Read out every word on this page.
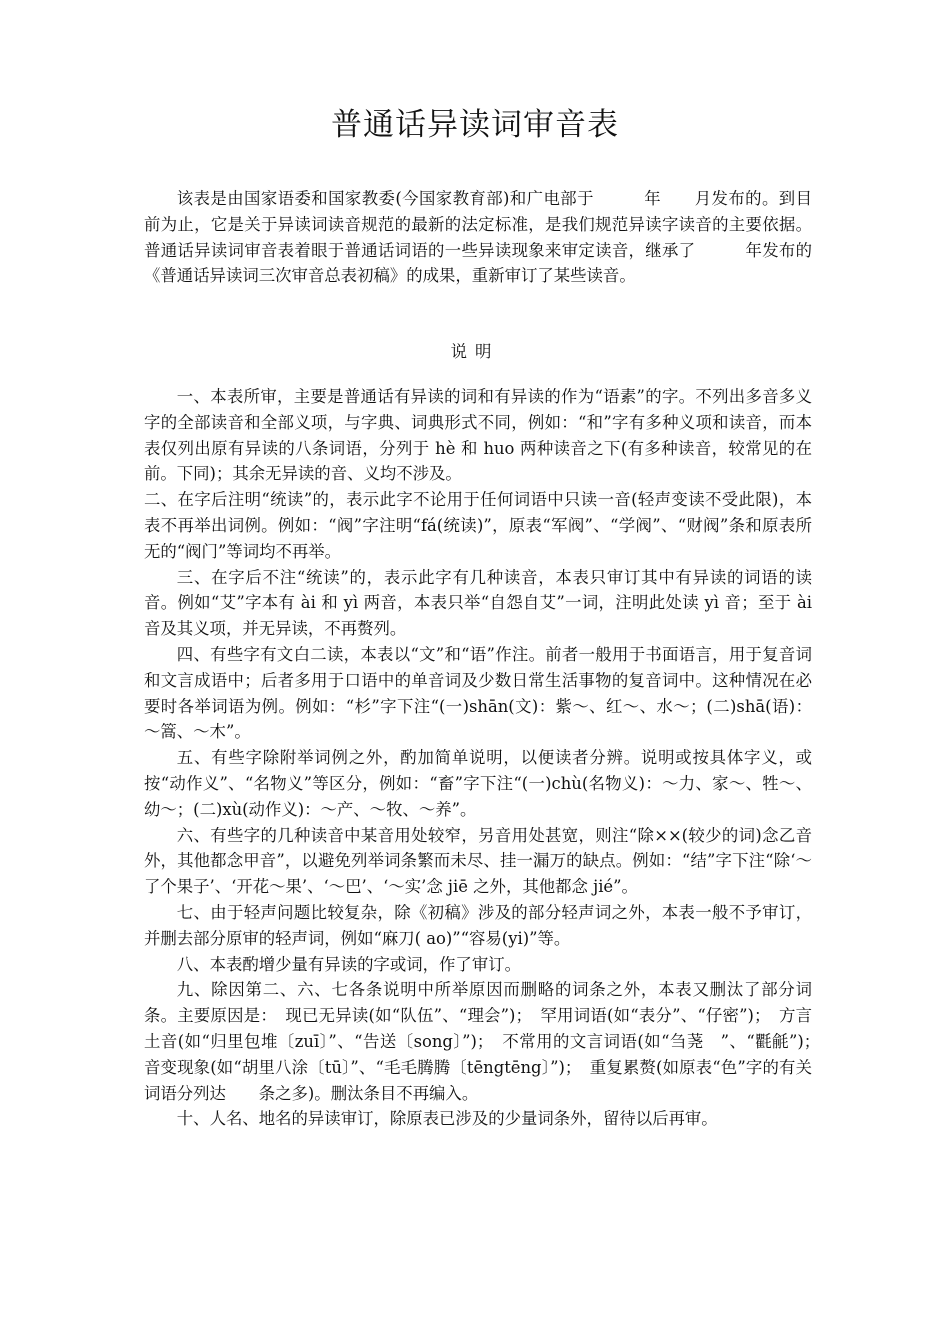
普通话异读词审音表
该表是由国家语委和国家教委(今国家教育部)和广电部于　　　年　　月发布的。到目前为止，它是关于异读词读音规范的最新的法定标准，是我们规范异读字读音的主要依据。普通话异读词审音表着眼于普通话词语的一些异读现象来审定读音，继承了　　　年发布的《普通话异读词三次审音总表初稿》的成果，重新审订了某些读音。
说明

一、本表所审，主要是普通话有异读的词和有异读的作为“语素”的字。不列出多音多义字的全部读音和全部义项，与字典、词典形式不同，例如：“和”字有多种义项和读音，而本表仅列出原有异读的八条词语，分列于 hè 和 huo 两种读音之下(有多种读音，较常见的在前。下同)；其余无异读的音、义均不涉及。

二、在字后注明“统读”的，表示此字不论用于任何词语中只读一音(轻声变读不受此限)，本表不再举出词例。例如：“阀”字注明“fá(统读)”，原表“军阀”、“学阀”、“财阀”条和原表所无的“阀门”等词均不再举。

三、在字后不注“统读”的，表示此字有几种读音，本表只审订其中有异读的词语的读音。例如“艾”字本有 ài 和 yì 两音，本表只举“自怨自艾”一词，注明此处读 yì 音；至于 ài 音及其义项，并无异读，不再赘列。

四、有些字有文白二读，本表以“文”和“语”作注。前者一般用于书面语言，用于复音词和文言成语中；后者多用于口语中的单音词及少数日常生活事物的复音词中。这种情况在必要时各举词语为例。例如：“杉”字下注“(一)shān(文)：紫～、红～、水～；(二)shā(语)：～篙、～木”。

五、有些字除附举词例之外，酌加简单说明，以便读者分辨。说明或按具体字义，或按“动作义”、“名物义”等区分，例如：“畜”字下注“(一)chù(名物义)：～力、家～、牲～、幼～；(二)xù(动作义)：～产、～牧、～养”。

六、有些字的几种读音中某音用处较窄，另音用处甚宽，则注“除××(较少的词)念乙音外，其他都念甲音”，以避免列举词条繁而未尽、挂一漏万的缺点。例如：“结”字下注“除‘～了个果子’、‘开花～果’、‘～巴’、‘～实’念 jiē 之外，其他都念 jié”。

七、由于轻声问题比较复杂，除《初稿》涉及的部分轻声词之外，本表一般不予审订，并删去部分原审的轻声词，例如“麻刀( ao)”“容易(yi)”等。

八、本表酌增少量有异读的字或词，作了审订。

九、除因第二、六、七各条说明中所举原因而删略的词条之外，本表又删汰了部分词条。主要原因是：　现已无异读(如“队伍”、“理会”)；　罕用词语(如“表分”、“仔密”)；　方言土音(如“归里包堆〔zuī〕”、“告送〔song〕”)；　不常用的文言词语(如“刍荛　”、“氍毹”)；　音变现象(如“胡里八涂〔tū〕”、“毛毛腾腾〔tēngtēng〕”)；　重复累赘(如原表“色”字的有关词语分列达　　条之多)。删汰条目不再编入。

十、人名、地名的异读审订，除原表已涉及的少量词条外，留待以后再审。
